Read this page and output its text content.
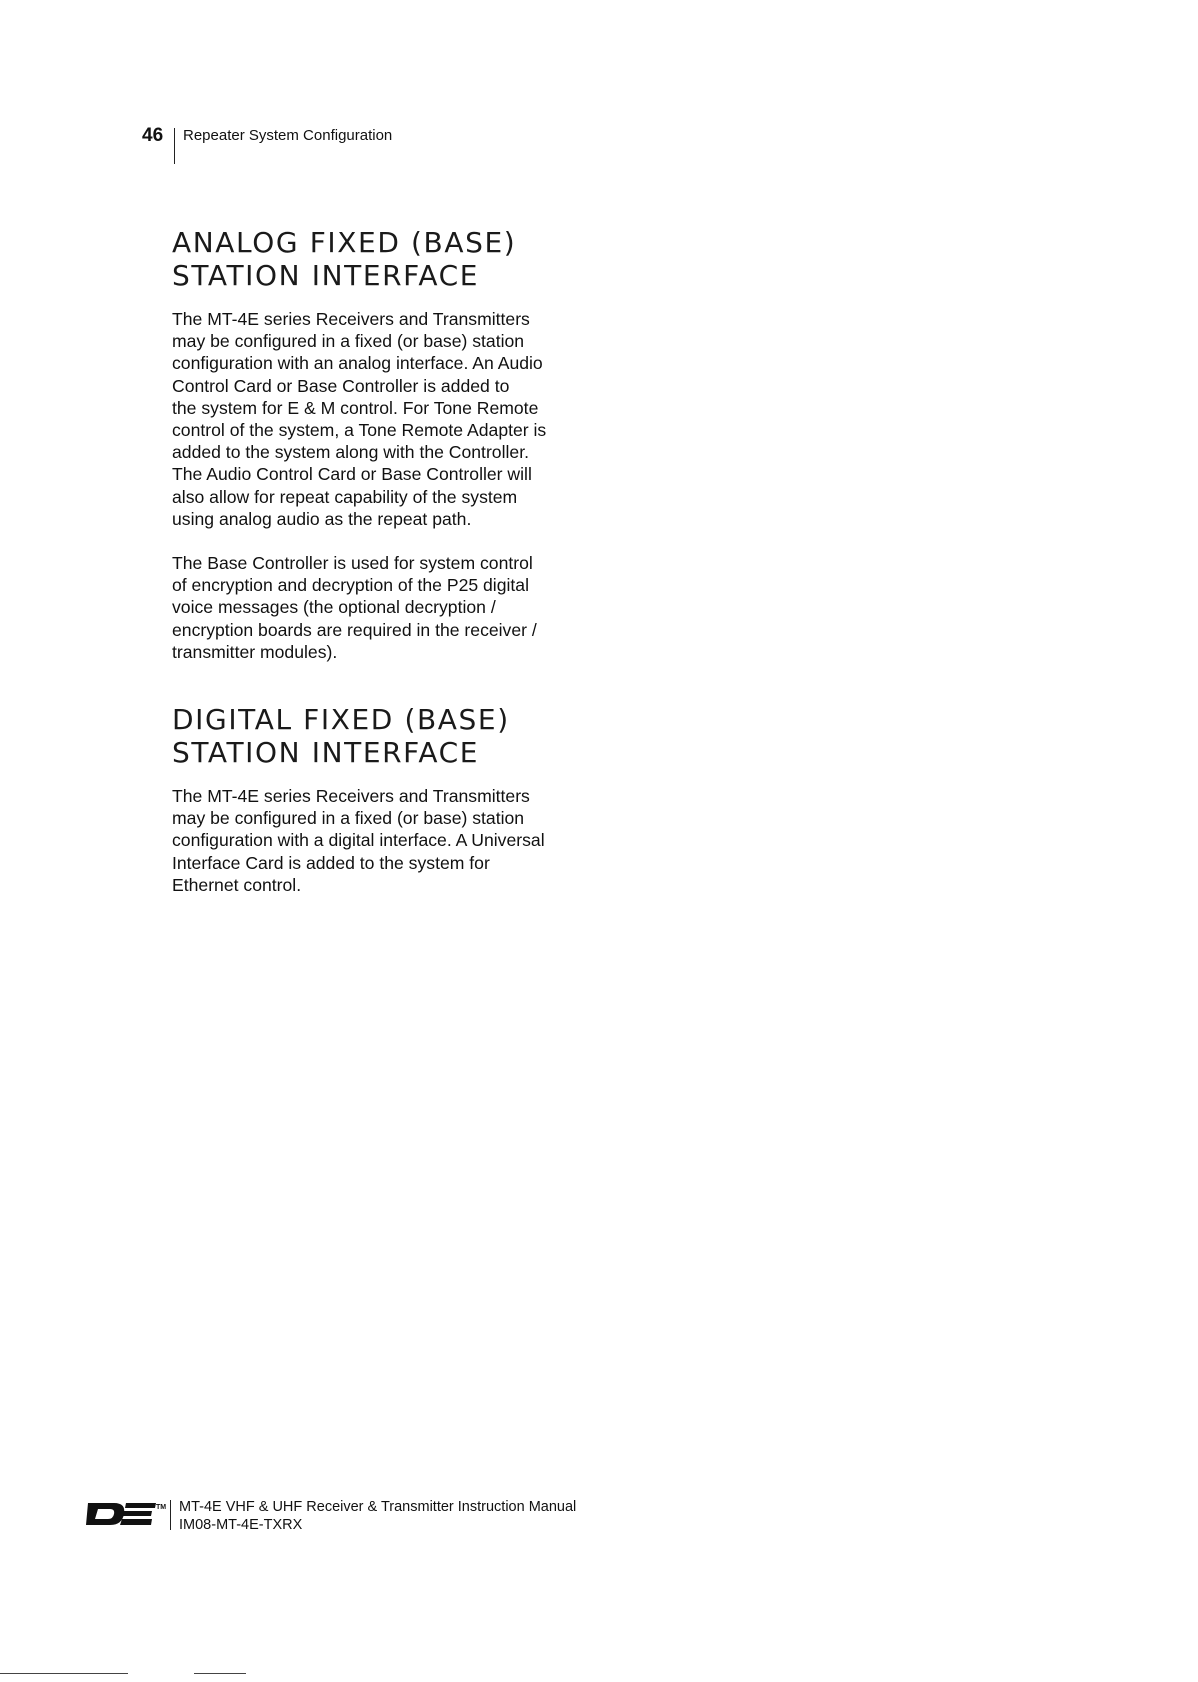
46 Repeater System Configuration
ANALOG FIXED (BASE)
STATION INTERFACE
The MT-4E series Receivers and Transmitters
may be configured in a fixed (or base) station
configuration with an analog interface. An Audio
Control Card or Base Controller is added to
the system for E & M control. For Tone Remote
control of the system, a Tone Remote Adapter is
added to the system along with the Controller.
The Audio Control Card or Base Controller will
also allow for repeat capability of the system
using analog audio as the repeat path.
The Base Controller is used for system control
of encryption and decryption of the P25 digital
voice messages (the optional decryption /
encryption boards are required in the receiver /
transmitter modules).
DIGITAL FIXED (BASE)
STATION INTERFACE
The MT-4E series Receivers and Transmitters
may be configured in a fixed (or base) station
configuration with a digital interface. A Universal
Interface Card is added to the system for
Ethernet control.
TM MT-4E VHF & UHF Receiver & Transmitter Instruction Manual
IM08-MT-4E-TXRX
